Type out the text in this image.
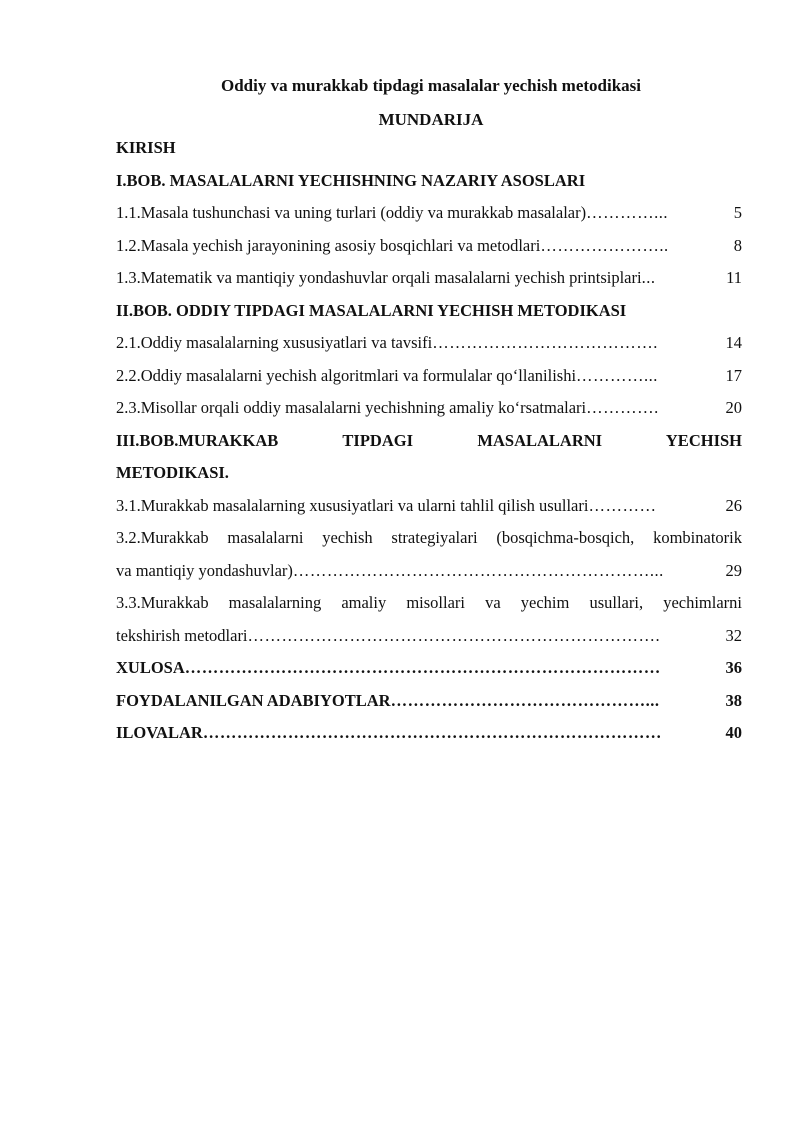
Oddiy va murakkab tipdagi masalalar yechish metodikasi

MUNDARIJA

KIRISH
I.BOB. MASALALARNI YECHISHNING NAZARIY ASOSLARI
1.1.Masala tushunchasi va uning turlari (oddiy va murakkab masalalar) …………...	5
1.2.Masala yechish jarayonining asosiy bosqichlari va metodlari …………………..	8
1.3.Matematik va mantiqiy yondashuvlar orqali masalalarni yechish printsiplari ...	11
II.BOB. ODDIY TIPDAGI MASALALARNI YECHISH METODIKASI
2.1.Oddiy masalalarning xususiyatlari va tavsifi ………………………………….	14
2.2.Oddiy masalalarni yechish algoritmlari va formulalar qo‘llanilishi …………...	17
2.3.Misollar orqali oddiy masalalarni yechishning amaliy ko‘rsatmalari ………….	20
III.BOB.MURAKKAB TIPDAGI MASALALARNI YECHISH
METODIKASI.
3.1.Murakkab masalalarning xususiyatlari va ularni tahlil qilish usullari …………	26
3.2.Murakkab masalalarni yechish strategiyalari (bosqichma-bosqich, kombinatorik
va mantiqiy yondashuvlar) ………………………………………………………...	29
3.3.Murakkab masalalarning amaliy misollari va yechim usullari, yechimlarni
tekshirish metodlari ……………………………………………………………….	32
XULOSA …………………………………………………………………………	36
FOYDALANILGAN ADABIYOTLAR ………………………………………...	38
ILOVALAR ………………………………………………………………………	40
